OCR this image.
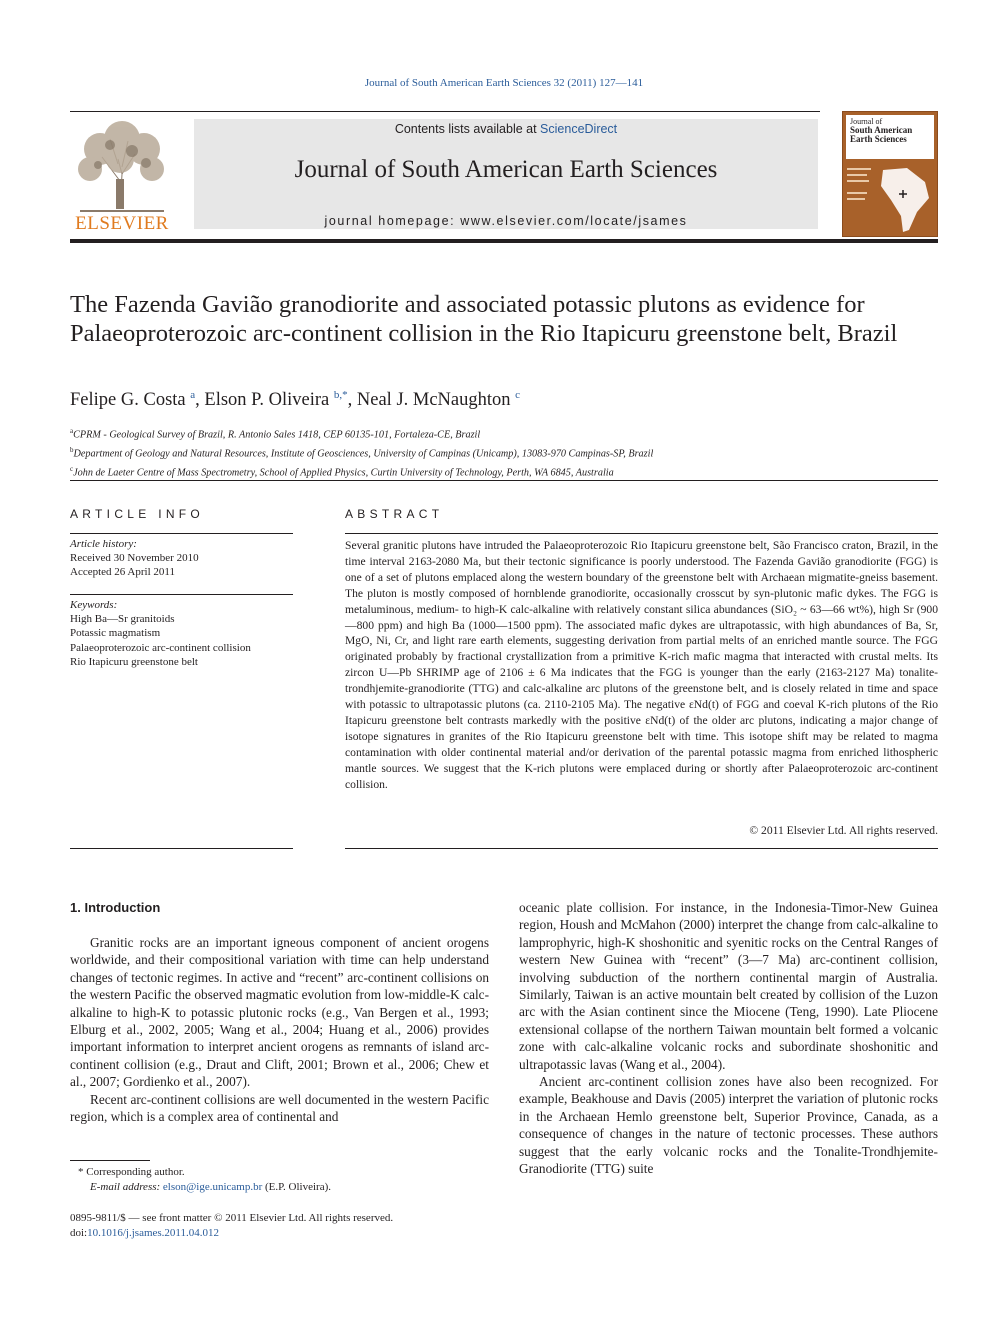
Journal of South American Earth Sciences 32 (2011) 127—141
ELSEVIER
Contents lists available at ScienceDirect
Journal of South American Earth Sciences
journal homepage: www.elsevier.com/locate/jsames
Journal of
South American
Earth Sciences
The Fazenda Gavião granodiorite and associated potassic plutons as evidence for Palaeoproterozoic arc-continent collision in the Rio Itapicuru greenstone belt, Brazil
Felipe G. Costa $^a$, Elson P. Oliveira $^{b,*}$, Neal J. McNaughton $^c$
$^a$CPRM - Geological Survey of Brazil, R. Antonio Sales 1418, CEP 60135-101, Fortaleza-CE, Brazil
$^b$Department of Geology and Natural Resources, Institute of Geosciences, University of Campinas (Unicamp), 13083-970 Campinas-SP, Brazil
$^c$John de Laeter Centre of Mass Spectrometry, School of Applied Physics, Curtin University of Technology, Perth, WA 6845, Australia
ARTICLE INFO
Article history:
Received 30 November 2010
Accepted 26 April 2011
Keywords:
High Ba—Sr granitoids
Potassic magmatism
Palaeoproterozoic arc-continent collision
Rio Itapicuru greenstone belt
ABSTRACT
Several granitic plutons have intruded the Palaeoproterozoic Rio Itapicuru greenstone belt, São Francisco craton, Brazil, in the time interval 2163-2080 Ma, but their tectonic significance is poorly understood. The Fazenda Gavião granodiorite (FGG) is one of a set of plutons emplaced along the western boundary of the greenstone belt with Archaean migmatite-gneiss basement. The pluton is mostly composed of hornblende granodiorite, occasionally crosscut by syn-plutonic mafic dykes. The FGG is metaluminous, medium- to high-K calc-alkaline with relatively constant silica abundances (SiO₂ ~ 63—66 wt%), high Sr (900—800 ppm) and high Ba (1000—1500 ppm). The associated mafic dykes are ultrapotassic, with high abundances of Ba, Sr, MgO, Ni, Cr, and light rare earth elements, suggesting derivation from partial melts of an enriched mantle source. The FGG originated probably by fractional crystallization from a primitive K-rich mafic magma that interacted with crustal melts. Its zircon U—Pb SHRIMP age of 2106 ± 6 Ma indicates that the FGG is younger than the early (2163-2127 Ma) tonalite-trondhjemite-granodiorite (TTG) and calc-alkaline arc plutons of the greenstone belt, and is closely related in time and space with potassic to ultrapotassic plutons (ca. 2110-2105 Ma). The negative εNd(t) of FGG and coeval K-rich plutons of the Rio Itapicuru greenstone belt contrasts markedly with the positive εNd(t) of the older arc plutons, indicating a major change of isotope signatures in granites of the Rio Itapicuru greenstone belt with time. This isotope shift may be related to magma contamination with older continental material and/or derivation of the parental potassic magma from enriched lithospheric mantle sources. We suggest that the K-rich plutons were emplaced during or shortly after Palaeoproterozoic arc-continent collision.
© 2011 Elsevier Ltd. All rights reserved.
1. Introduction

Granitic rocks are an important igneous component of ancient orogens worldwide, and their compositional variation with time can help understand changes of tectonic regimes. In active and “recent” arc-continent collisions on the western Pacific the observed magmatic evolution from low-middle-K calc-alkaline to high-K to potassic plutonic rocks (e.g., Van Bergen et al., 1993; Elburg et al., 2002, 2005; Wang et al., 2004; Huang et al., 2006) provides important information to interpret ancient orogens as remnants of island arc-continent collision (e.g., Draut and Clift, 2001; Brown et al., 2006; Chew et al., 2007; Gordienko et al., 2007).

Recent arc-continent collisions are well documented in the western Pacific region, which is a complex area of continental and

oceanic plate collision. For instance, in the Indonesia-Timor-New Guinea region, Housh and McMahon (2000) interpret the change from calc-alkaline to lamprophyric, high-K shoshonitic and syenitic rocks on the Central Ranges of western New Guinea with “recent” (3—7 Ma) arc-continent collision, involving subduction of the northern continental margin of Australia. Similarly, Taiwan is an active mountain belt created by collision of the Luzon arc with the Asian continent since the Miocene (Teng, 1990). Late Pliocene extensional collapse of the northern Taiwan mountain belt formed a volcanic zone with calc-alkaline volcanic rocks and subordinate shoshonitic and ultrapotassic lavas (Wang et al., 2004).

Ancient arc-continent collision zones have also been recognized. For example, Beakhouse and Davis (2005) interpret the variation of plutonic rocks in the Archaean Hemlo greenstone belt, Superior Province, Canada, as a consequence of changes in the nature of tectonic processes. These authors suggest that the early volcanic rocks and the Tonalite-Trondhjemite-Granodiorite (TTG) suite

* Corresponding author.
E-mail address: elson@ige.unicamp.br (E.P. Oliveira).
0895-9811/$ — see front matter © 2011 Elsevier Ltd. All rights reserved.
doi:10.1016/j.jsames.2011.04.012
